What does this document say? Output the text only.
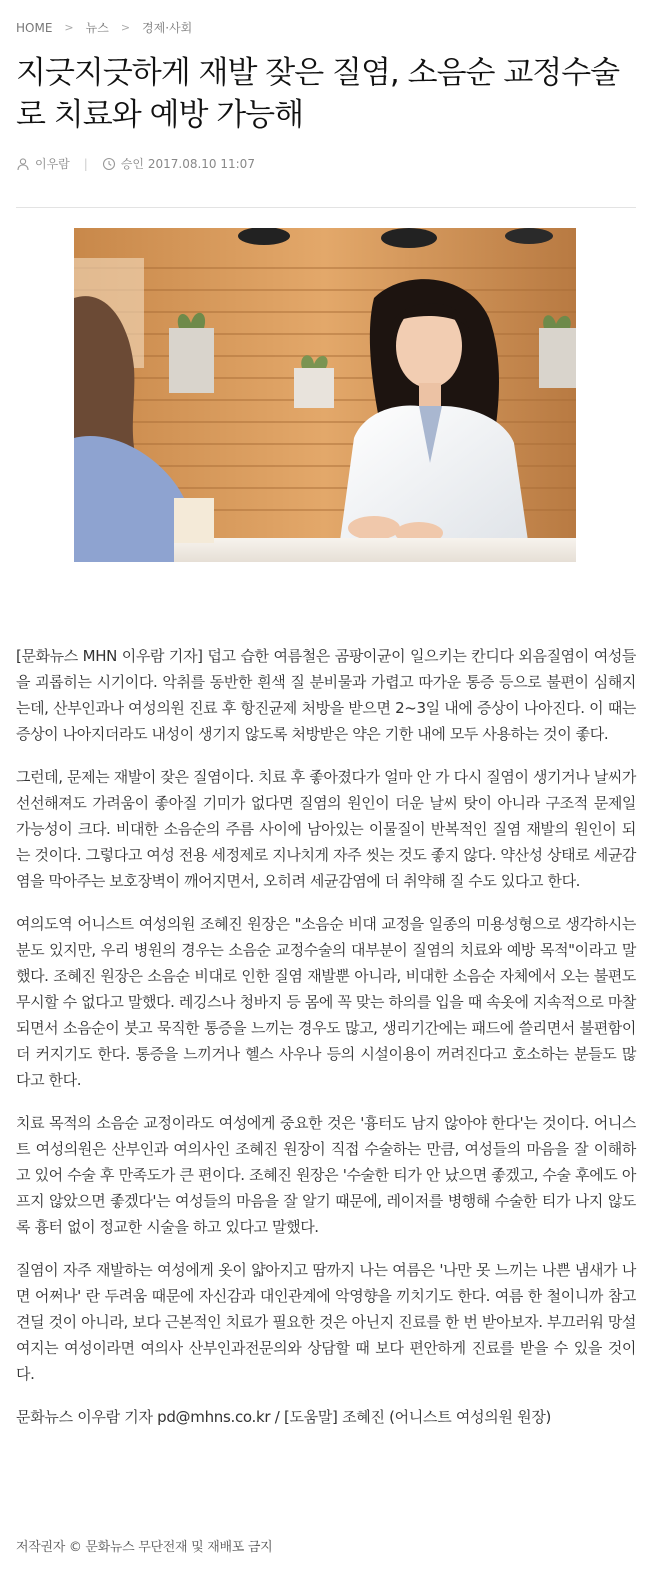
HOME > 뉴스 > 경제·사회
지긋지긋하게 재발 잦은 질염, 소음순 교정수술로 치료와 예방 가능해
이우람 |	승인
2017.08.10 11:07

[문화뉴스 MHN 이우람 기자] 덥고 습한 여름철은 곰팡이균이 일으키는 칸디다 외음질염이 여성들을 괴롭히는 시기이다. 악취를 동반한 흰색 질 분비물과 가렵고 따가운 통증 등으로 불편이 심해지는데, 산부인과나 여성의원 진료 후 항진균제 처방을 받으면 2~3일 내에 증상이 나아진다. 이 때는 증상이 나아지더라도 내성이 생기지 않도록 처방받은 약은 기한 내에 모두 사용하는 것이 좋다.

그런데, 문제는 재발이 잦은 질염이다. 치료 후 좋아졌다가 얼마 안 가 다시 질염이 생기거나 날씨가 선선해져도 가려움이 좋아질 기미가 없다면 질염의 원인이 더운 날씨 탓이 아니라 구조적 문제일 가능성이 크다. 비대한 소음순의 주름 사이에 남아있는 이물질이 반복적인 질염 재발의 원인이 되는 것이다. 그렇다고 여성 전용 세정제로 지나치게 자주 씻는 것도 좋지 않다. 약산성 상태로 세균감염을 막아주는 보호장벽이 깨어지면서, 오히려 세균감염에 더 취약해 질 수도 있다고 한다.

여의도역 어니스트 여성의원 조혜진 원장은 "소음순 비대 교정을 일종의 미용성형으로 생각하시는 분도 있지만, 우리 병원의 경우는 소음순 교정수술의 대부분이 질염의 치료와 예방 목적"이라고 말했다. 조혜진 원장은 소음순 비대로 인한 질염 재발뿐 아니라, 비대한 소음순 자체에서 오는 불편도 무시할 수 없다고 말했다. 레깅스나 청바지 등 몸에 꼭 맞는 하의를 입을 때 속옷에 지속적으로 마찰되면서 소음순이 붓고 묵직한 통증을 느끼는 경우도 많고, 생리기간에는 패드에 쓸리면서 불편함이 더 커지기도 한다. 통증을 느끼거나 헬스 사우나 등의 시설이용이 꺼려진다고 호소하는 분들도 많다고 한다.

치료 목적의 소음순 교정이라도 여성에게 중요한 것은 '흉터도 남지 않아야 한다'는 것이다. 어니스트 여성의원은 산부인과 여의사인 조혜진 원장이 직접 수술하는 만큼, 여성들의 마음을 잘 이해하고 있어 수술 후 만족도가 큰 편이다. 조혜진 원장은 '수술한 티가 안 났으면 좋겠고, 수술 후에도 아프지 않았으면 좋겠다'는 여성들의 마음을 잘 알기 때문에, 레이저를 병행해 수술한 티가 나지 않도록 흉터 없이 정교한 시술을 하고 있다고 말했다.

질염이 자주 재발하는 여성에게 옷이 얇아지고 땀까지 나는 여름은 '나만 못 느끼는 나쁜 냄새가 나면 어쩌나' 란 두려움 때문에 자신감과 대인관계에 악영향을 끼치기도 한다. 여름 한 철이니까 참고 견딜 것이 아니라, 보다 근본적인 치료가 필요한 것은 아닌지 진료를 한 번 받아보자. 부끄러워 망설여지는 여성이라면 여의사 산부인과전문의와 상담할 때 보다 편안하게 진료를 받을 수 있을 것이다.

문화뉴스 이우람 기자 pd@mhns.co.kr / [도움말] 조혜진 (어니스트 여성의원 원장)

저작권자 © 문화뉴스 무단전재 및 재배포 금지
